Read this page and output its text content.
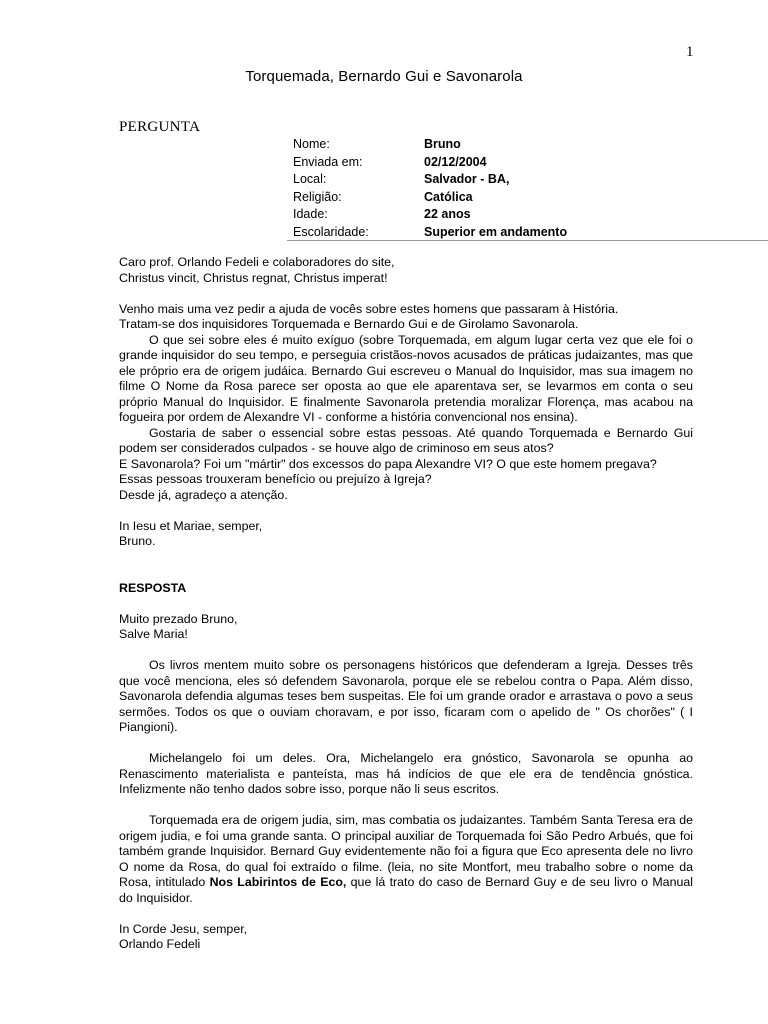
1
Torquemada, Bernardo Gui e Savonarola
PERGUNTA
Nome:	Bruno
Enviada em:	02/12/2004
Local:	Salvador - BA,
Religião:	Católica
Idade:	22 anos
Escolaridade:	Superior em andamento

Caro prof. Orlando Fedeli e colaboradores do site,

Christus vincit, Christus regnat, Christus imperat!

Venho mais uma vez pedir a ajuda de vocês sobre estes homens que passaram à História.

Tratam-se dos inquisidores Torquemada e Bernardo Gui e de Girolamo Savonarola.

O que sei sobre eles é muito exíguo (sobre Torquemada, em algum lugar certa vez que ele foi o grande inquisidor do seu tempo, e perseguia cristãos-novos acusados de práticas judaizantes, mas que ele próprio era de origem judáica. Bernardo Gui escreveu o Manual do Inquisidor, mas sua imagem no filme O Nome da Rosa parece ser oposta ao que ele aparentava ser, se levarmos em conta o seu próprio Manual do Inquisidor. E finalmente Savonarola pretendia moralizar Florença, mas acabou na fogueira por ordem de Alexandre VI - conforme a história convencional nos ensina).

Gostaria de saber o essencial sobre estas pessoas. Até quando Torquemada e Bernardo Gui podem ser considerados culpados - se houve algo de criminoso em seus atos?

E Savonarola? Foi um "mártir" dos excessos do papa Alexandre VI? O que este homem pregava?

Essas pessoas trouxeram benefício ou prejuízo à Igreja?

Desde já, agradeço a atenção.

In Iesu et Mariae, semper,

Bruno.

RESPOSTA

Muito prezado Bruno,

Salve Maria!

Os livros mentem muito sobre os personagens históricos que defenderam a Igreja. Desses três que você menciona, eles só defendem Savonarola, porque ele se rebelou contra o Papa. Além disso, Savonarola defendia algumas teses bem suspeitas. Ele foi um grande orador e arrastava o povo a seus sermões. Todos os que o ouviam choravam, e por isso, ficaram com o apelido de " Os chorões" ( I Piangioni).

Michelangelo foi um deles. Ora, Michelangelo era gnóstico, Savonarola se opunha ao Renascimento materialista e panteísta, mas há indícios de que ele era de tendência gnóstica. Infelizmente não tenho dados sobre isso, porque não li seus escritos.

Torquemada era de origem judia, sim, mas combatia os judaizantes. Também Santa Teresa era de origem judia, e foi uma grande santa. O principal auxiliar de Torquemada foi São Pedro Arbués, que foi também grande Inquisidor. Bernard Guy evidentemente não foi a figura que Eco apresenta dele no livro O nome da Rosa, do qual foi extraído o filme. (leia, no site Montfort, meu trabalho sobre o nome da Rosa, intitulado Nos Labirintos de Eco, que lá trato do caso de Bernard Guy e de seu livro o Manual do Inquisidor.

In Corde Jesu, semper,

Orlando Fedeli
